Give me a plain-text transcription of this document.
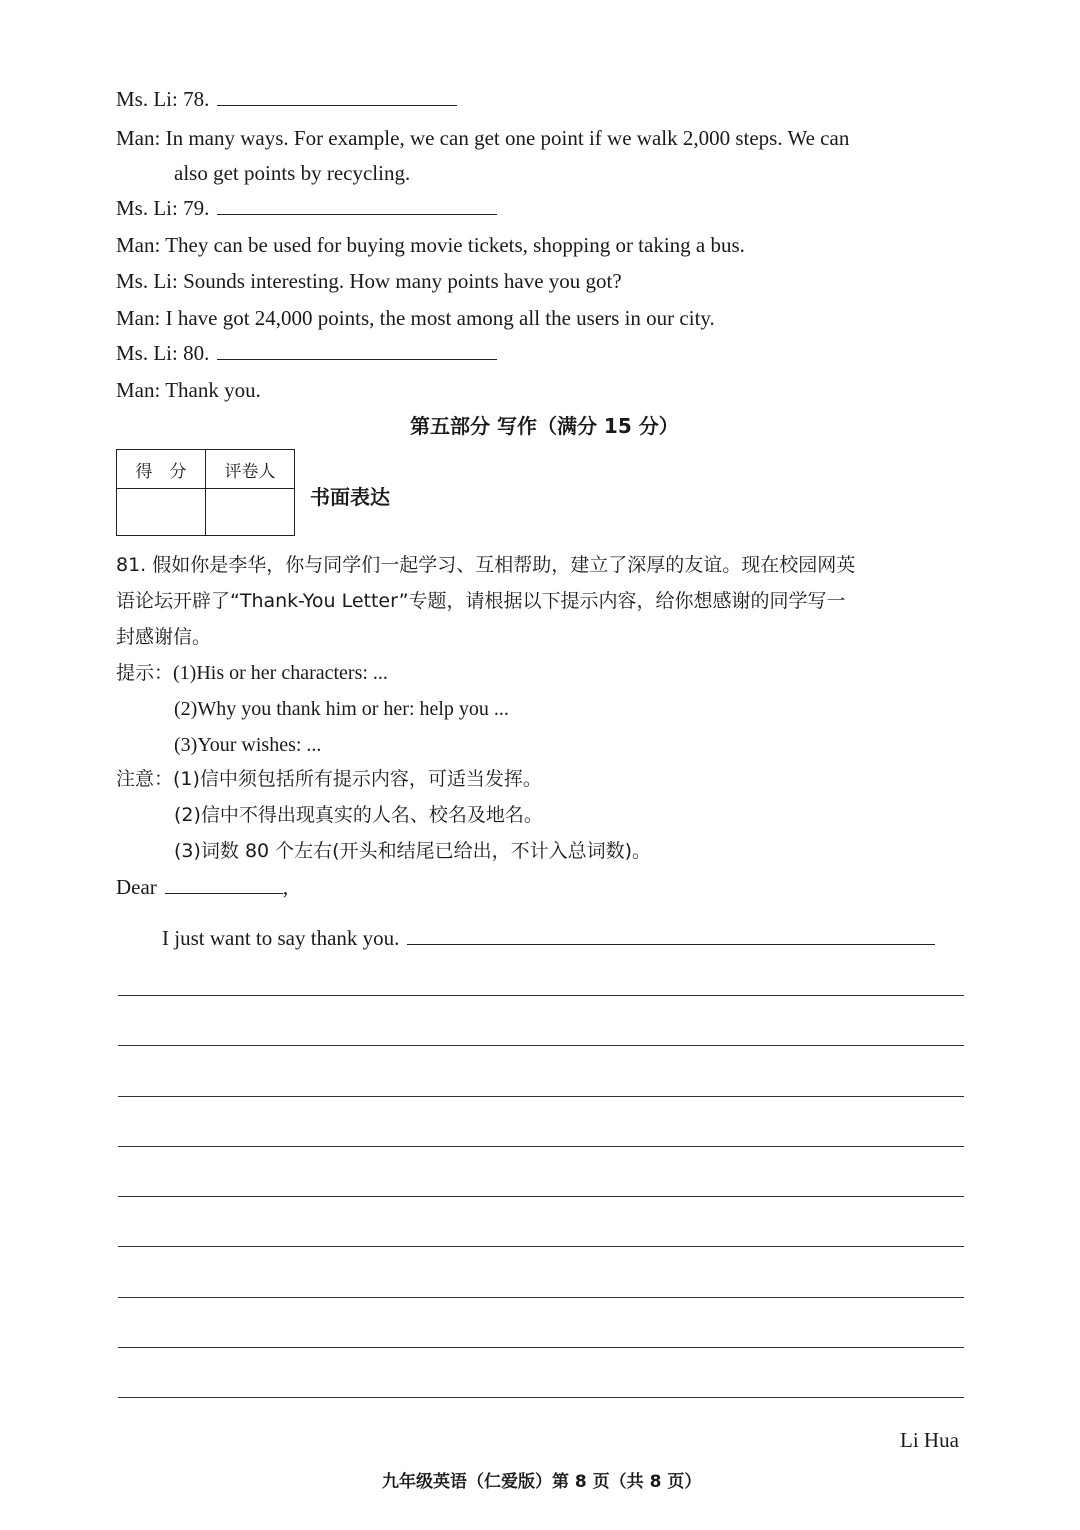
Ms. Li: 78.
Man: In many ways. For example, we can get one point if we walk 2,000 steps. We can
also get points by recycling.
Ms. Li: 79.
Man: They can be used for buying movie tickets, shopping or taking a bus.
Ms. Li: Sounds interesting. How many points have you got?
Man: I have got 24,000 points, the most among all the users in our city.
Ms. Li: 80.
Man: Thank you.
第五部分 写作（满分 15 分）
得　分	评卷人

书面表达
81. 假如你是李华，你与同学们一起学习、互相帮助，建立了深厚的友谊。现在校园网英
语论坛开辟了“Thank-You Letter”专题，请根据以下提示内容，给你想感谢的同学写一
封感谢信。
提示：(1)His or her characters: ...
(2)Why you thank him or her: help you ...
(3)Your wishes: ...
注意：(1)信中须包括所有提示内容，可适当发挥。
(2)信中不得出现真实的人名、校名及地名。
(3)词数 80 个左右(开头和结尾已给出，不计入总词数)。
Dear	,
I just want to say thank you.
Li Hua
九年级英语（仁爱版）第 8 页（共 8 页）
